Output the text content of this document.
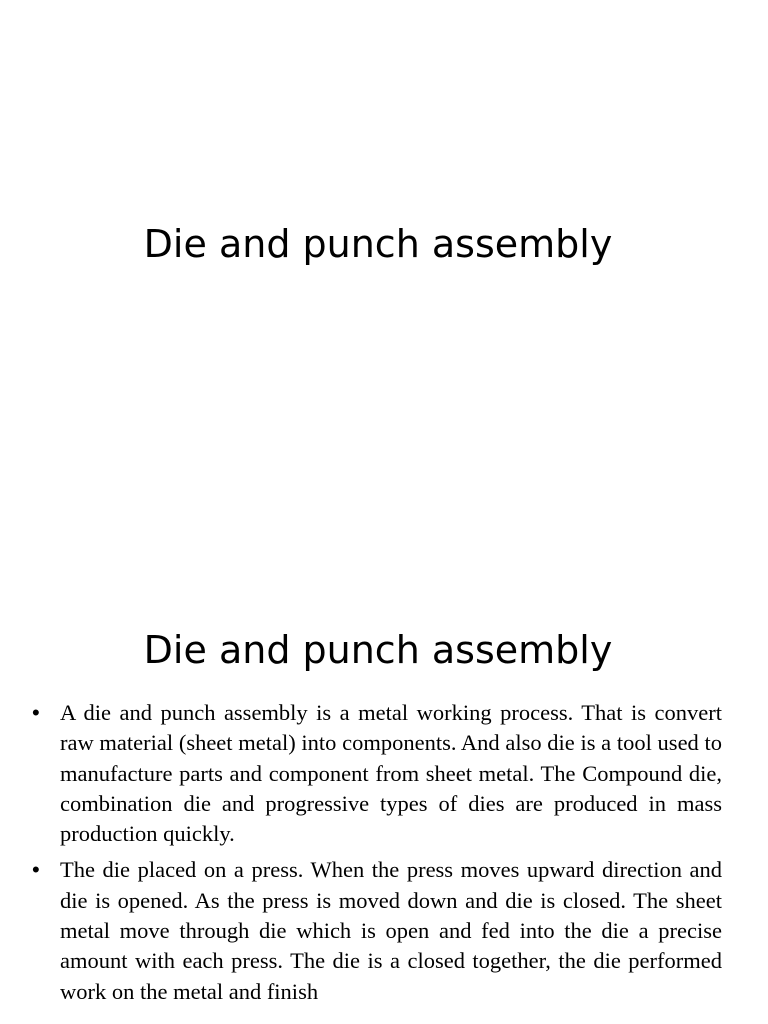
Die and punch assembly
Die and punch assembly
• A die and punch assembly is a metal working process. That is convert raw material (sheet metal) into components. And also die is a tool used to manufacture parts and component from sheet metal. The Compound die, combination die and progressive types of dies are produced in mass production quickly.
• The die placed on a press. When the press moves upward direction and die is opened. As the press is moved down and die is closed. The sheet metal move through die which is open and fed into the die a precise amount with each press. The die is a closed together, the die performed work on the metal and finish
